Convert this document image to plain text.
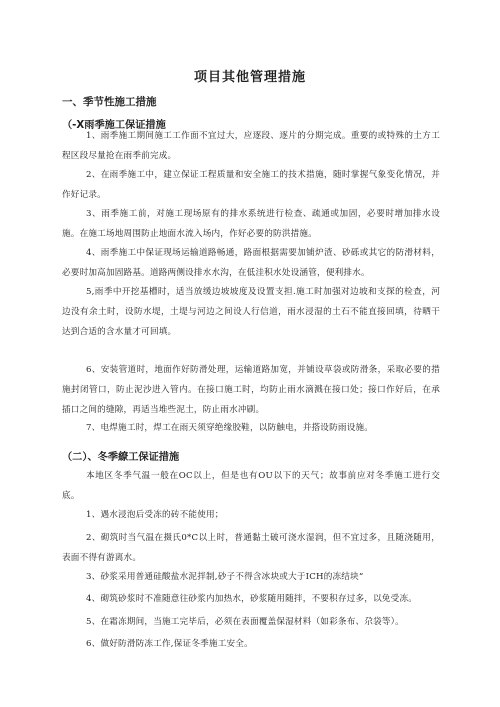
项目其他管理措施
一、季节性施工措施
（-X雨季施工保证措施
1、雨季施工期间施工工作面不宜过大，应逐段、逐片的分期完成。重要的或特殊的土方工程区段尽量抢在雨季前完成。
2、在雨季施工中，建立保证工程质量和安全施工的技术措施，随时掌握气象变化情况，并作好记录。
3、雨季施工前，对施工现场原有的排水系统进行检查、疏通或加固，必要时增加排水设施。在施工场地周围防止地面水流入场内，作好必要的防洪措施。
4、雨季施工中保证现场运输道路畅通，路面根据需要加铺炉渣、砂砾或其它的防滑材料，必要时加高加固路基。道路两侧设排水水沟，在低洼积水处设涵管，便利排水。
5,雨季中开挖基槽时，适当放缓边坡坡度及设置支担.施工时加强对边坡和支探的检查，河边没有余土时，设防水堤，土堤与河边之间设人行信道，雨水浸湿的土石不能直接回填，待晒干达到合适的含水量才可回填。
6、安装管道时，地面作好防滑处理，运输道路加宽，并铺设草袋或防滑条，采取必要的措施封闭管口，防止泥沙进入管内。在接口施工时，均防止雨水滴溅在接口处；接口作好后，在承插口之间的缝隙，再适当堆些泥土，防止雨水冲刷。
7、电焊施工时，焊工在雨天须穿绝缘胶鞋，以防触电，并搭设防雨设施。
（二）、冬季繚工保证措施
本地区冬季气温一般在OC以上，但是也有OU以下的天气；故事前应对冬季施工进行交底。
1、遇水浸泡后受冻的砖不能使用；
2、砌筑时当气温在摄氏0*C以上时，普通黏土破可浇水湿润，但不宜过多，且随浇随用，表面不得有游离水。
3、砂浆采用普通硅酸盐水泥拌制,砂子不得含冰块或大于ICH的冻结块“
4、砌筑砂浆时不准随意往砂浆内加热水，砂浆随用随拌，不要积存过多，以免受冻。
5、在霜冻期间，当施工完毕后，必须在表面覆盖保湿材料（如彩条布、尕袋等）。
6、做好防滑防冻工作,保证冬季施工安全。
